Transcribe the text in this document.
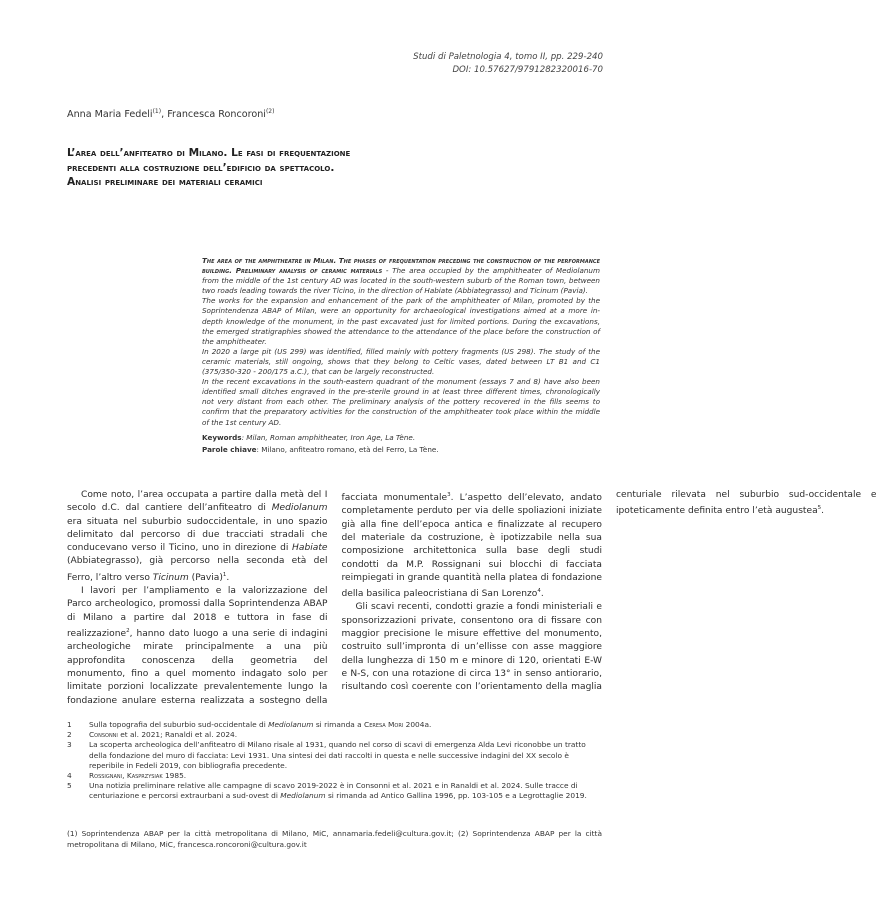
Studi di Paletnologia 4, tomo II, pp. 229-240
DOI: 10.57627/9791282320016-70
Anna Maria Fedeli$^{(1)}$, Francesca Roncoroni$^{(2)}$
L’area dell’anfiteatro di Milano. Le fasi di frequentazione
precedenti alla costruzione dell’edificio da spettacolo.
Analisi preliminare dei materiali ceramici

The area of the amphitheatre in Milan. The phases of frequentation preceding the construction of the performance building. Preliminary analysis of ceramic materials - The area occupied by the amphitheater of Mediolanum from the middle of the 1st century AD was located in the south-western suburb of the Roman town, between two roads leading towards the river Ticino, in the direction of Habiate (Abbiategrasso) and Ticinum (Pavia).

The works for the expansion and enhancement of the park of the amphitheater of Milan, promoted by the Soprintendenza ABAP of Milan, were an opportunity for archaeological investigations aimed at a more in-depth knowledge of the monument, in the past excavated just for limited portions. During the excavations, the emerged stratigraphies showed the attendance to the attendance of the place before the construction of the amphitheater.

In 2020 a large pit (US 299) was identified, filled mainly with pottery fragments (US 298). The study of the ceramic materials, still ongoing, shows that they belong to Celtic vases, dated between LT B1 and C1 (375/350-320 - 200/175 a.C.), that can be largely reconstructed.

In the recent excavations in the south-eastern quadrant of the monument (essays 7 and 8) have also been identified small ditches engraved in the pre-sterile ground in at least three different times, chronologically not very distant from each other. The preliminary analysis of the pottery recovered in the fills seems to confirm that the preparatory activities for the construction of the amphitheater took place within the middle of the 1st century AD.

Keywords: Milan, Roman amphitheater, Iron Age, La Tène.
Parole chiave: Milano, anfiteatro romano, età del Ferro, La Tène.

Come noto, l’area occupata a partire dalla metà del I secolo d.C. dal cantiere dell’anfiteatro di Mediolanum era situata nel suburbio sudoccidentale, in uno spazio delimitato dal percorso di due tracciati stradali che conducevano verso il Ticino, uno in direzione di Habiate (Abbiategrasso), già percorso nella seconda età del Ferro, l’altro verso Ticinum (Pavia)$^1$.

I lavori per l’ampliamento e la valorizzazione del Parco archeologico, promossi dalla Soprintendenza ABAP di Milano a partire dal 2018 e tuttora in fase di realizzazione$^2$, hanno dato luogo a una serie di indagini archeologiche mirate principalmente a una più approfondita conoscenza della geometria del monumento, fino a quel momento indagato solo per limitate porzioni localizzate prevalentemente lungo la fondazione anulare esterna realizzata a sostegno della facciata monumentale$^3$. L’aspetto dell’elevato, andato completamente perduto per via delle spoliazioni iniziate già alla fine dell’epoca antica e finalizzate al recupero del materiale da costruzione, è ipotizzabile nella sua composizione architettonica sulla base degli studi condotti da M.P. Rossignani sui blocchi di facciata reimpiegati in grande quantità nella platea di fondazione della basilica paleocristiana di San Lorenzo$^4$.

Gli scavi recenti, condotti grazie a fondi ministeriali e sponsorizzazioni private, consentono ora di fissare con maggior precisione le misure effettive del monumento, costruito sull’impronta di un’ellisse con asse maggiore della lunghezza di 150 m e minore di 120, orientati E-W e N-S, con una rotazione di circa 13° in senso antiorario, risultando così coerente con l’orientamento della maglia centuriale rilevata nel suburbio sud-occidentale e ipoteticamente definita entro l’età augustea$^5$.

1	Sulla topografia del suburbio sud-occidentale di Mediolanum si rimanda a Ceresa Mori 2004a.
2	Consonni et al. 2021; Ranaldi et al. 2024.
3	La scoperta archeologica dell’anfiteatro di Milano risale al 1931, quando nel corso di scavi di emergenza Alda Levi riconobbe un tratto della fondazione del muro di facciata: Levi 1931. Una sintesi dei dati raccolti in questa e nelle successive indagini del XX secolo è reperibile in Fedeli 2019, con bibliografia precedente.
4	Rossignani, Kasprzysiak 1985.
5	Una notizia preliminare relative alle campagne di scavo 2019-2022 è in Consonni et al. 2021 e in Ranaldi et al. 2024. Sulle tracce di centuriazione e percorsi extraurbani a sud-ovest di Mediolanum si rimanda ad Antico Gallina 1996, pp. 103-105 e a Legrottaglie 2019.
(1) Soprintendenza ABAP per la città metropolitana di Milano, MiC, annamaria.fedeli@cultura.gov.it; (2) Soprintendenza ABAP per la città metropolitana di Milano, MiC, francesca.roncoroni@cultura.gov.it
